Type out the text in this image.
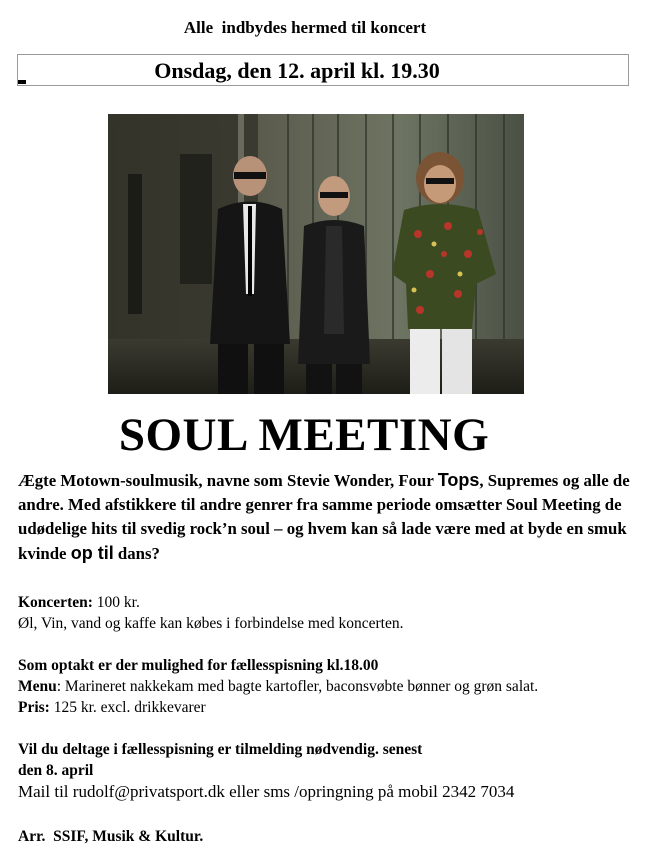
Alle  indbydes hermed til koncert
Onsdag, den 12. april kl. 19.30
SOUL MEETING
Ægte Motown-soulmusik, navne som Stevie Wonder, Four Tops, Supremes og alle de andre. Med afstikkere til andre genrer fra samme periode omsætter Soul Meeting de udødelige hits til svedig rock’n soul – og hvem kan så lade være med at byde en smuk kvinde op til dans?
Koncerten: 100 kr.
Øl, Vin, vand og kaffe kan købes i forbindelse med koncerten.
Som optakt er der mulighed for fællesspisning kl.18.00
Menu: Marineret nakkekam med bagte kartofler, baconsvøbte bønner og grøn salat.
Pris: 125 kr. excl. drikkevarer
Vil du deltage i fællesspisning er tilmelding nødvendig. senest
den 8. april
Mail til rudolf@privatsport.dk eller sms /opringning på mobil 2342 7034
Arr.  SSIF, Musik & Kultur.
